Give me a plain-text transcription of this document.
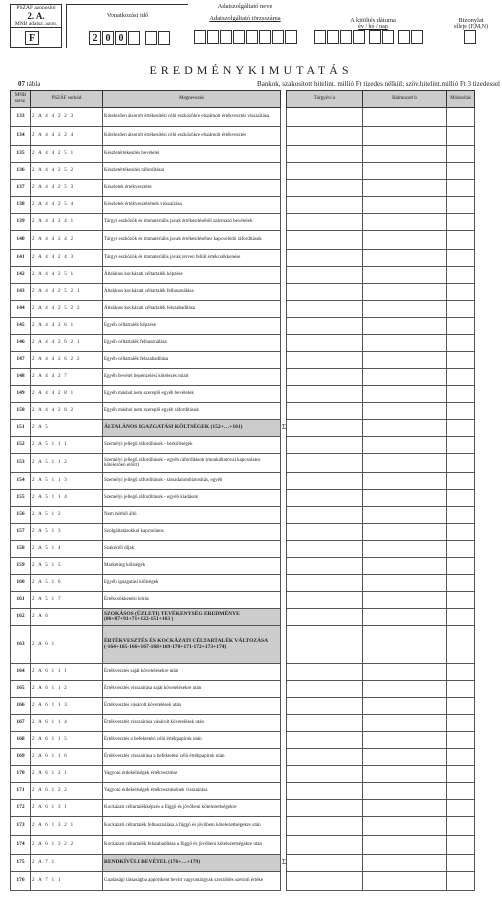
PSZÁF azonosító
2. A.
MNB adatsz. azon.
F
Vonatkozási idő
2 0 0
Adatszolgáltató neve
Adatszolgáltató törzsszáma	A kitöltés dátuma
év / hó / nap
Bizonylat
elleje (F,M,N)
EREDMÉNYKIMUTATÁS
07 tábla	Bankok, szakosított hitelint. millió Ft tizedes nélkül; szöv.hitelint.millió Ft 3 tizedessel
MNB sorsz.	PSZÁF sorkód	Megnevezés		Tárgyévi a	Halmozott b	Módosítás	
133	2 A 4 4 2 2 3	Kötelezően átsorolt értékesítési célú eszközökre elszámolt értékvesztés visszaírása					
134	2 A 4 4 2 2 4	Kötelezően átsorolt értékesítési célú eszközökre elszámolt értékvesztés					
135	2 A 4 4 2 5 1	Készletértékesítés bevételei					
136	2 A 4 4 2 5 2	Készletértékesítés ráfordításai					
137	2 A 4 4 2 5 3	Készletek értékvesztése					
138	2 A 4 4 2 5 4	Készletek értékvesztésének visszaírása					
139	2 A 4 4 2 4 1	Tárgyi eszközök és immateriális javak értékesítéséből származó bevételek					
140	2 A 4 4 2 4 2	Tárgyi eszközök és immateriális javak értékesítéséhez kapcsolódó ráfordítások					
141	2 A 4 4 2 4 3	Tárgyi eszközök és immateriális javak terven felüli értékcsökkenése					
142	2 A 4 4 2 5 1	Általános kockázati céltartalék képzése					
143	2 A 4 4 2 5 2 1	Általános kockázati céltartalék felhasználása					
144	2 A 4 4 2 5 2 2	Általános kockázati céltartalék felszabadítása					
145	2 A 4 4 2 6 1	Egyéb céltartalék képzése					
146	2 A 4 4 2 6 2 1	Egyéb céltartalék felhasználása					
147	2 A 4 4 2 6 2 2	Egyéb céltartalék felszabadítása					
148	2 A 4 4 2 7	Egyéb bevétel bepénzelési kötelezés miatt					
149	2 A 4 4 2 8 1	Egyéb máshol nem szereplő egyéb bevételek					
150	2 A 4 4 2 8 2	Egyéb máshol nem szereplő egyéb ráfordítások					
151	2 A 5	ÁLTALÁNOS IGAZGATÁSI KÖLTSÉGEK (152+…+161)	Σ				
152	2 A 5 1 1 1	Személyi jellegű ráfordítások - bérköltségek					
153	2 A 5 1 1 2	Személyi jellegű ráfordítások - egyéb ráfordítások (munkáltatóval kapcsolatos kötelezően előírt)					
154	2 A 5 1 1 3	Személyi jellegű ráfordítások - társadalombiztosítás, egyéb					
155	2 A 5 1 1 4	Személyi jellegű ráfordítások - egyéb kiadások					
156	2 A 5 1 2	Nem bérből álló					
157	2 A 5 1 3	Szolgáltatásokkal kapcsolatos					
158	2 A 5 1 4	Szakértői díjak					
159	2 A 5 1 5	Marketing költségek					
160	2 A 5 1 6	Egyéb igazgatási költségek					
161	2 A 5 1 7	Értékcsökkenési leírás					
162	2 A 6	SZOKÁSOS (ÜZLETI) TEVÉKENYSÉG EREDMÉNYE (86+87+91+71+122-151+163 )					
163	2 A 6 1	ÉRTÉKVESZTÉS ÉS KOCKÁZATI CÉLTARTALÉK VÁLTOZÁSA (-164+165-166+167-168+169-170+171-172+173+174)					
164	2 A 6 1 1 1	Értékvesztés saját követelésekre után					
165	2 A 6 1 1 2	Értékvesztés visszaírása saját követelésekre után					
166	2 A 6 1 1 3	Értékvesztés vásárolt követelések után					
167	2 A 6 1 1 4	Értékvesztés visszaírása vásárolt követelések után					
168	2 A 6 1 1 5	Értékvesztés a befektetési célú értékpapírok után					
169	2 A 6 1 1 6	Értékvesztés visszaírása a befektetési célú értékpapírok után					
170	2 A 6 1 2 1	Vagyoni érdekeltségek értékvesztése					
171	2 A 6 1 2 2	Vagyoni érdekeltségek értékvesztésének visszaírása					
172	2 A 6 1 3 1	Kockázati céltartalékképzés a függő és jövőbeni kötelezettségekre					
173	2 A 6 1 3 2 1	Kockázati céltartalék felhasználása a függő és jövőbeni kötelezettségekre után					
174	2 A 6 1 3 2 2	Kockázati céltartalék felszabadítása a függő és jövőbeni kötelezettségekre után					
175	2 A 7 1	RENDKÍVÜLI BEVÉTEL (176+…+179)	Σ				
176	2 A 7 1 1	Gazdasági társaságba apportként bevitt vagyontárgyak szerződés szerinti értéke					
